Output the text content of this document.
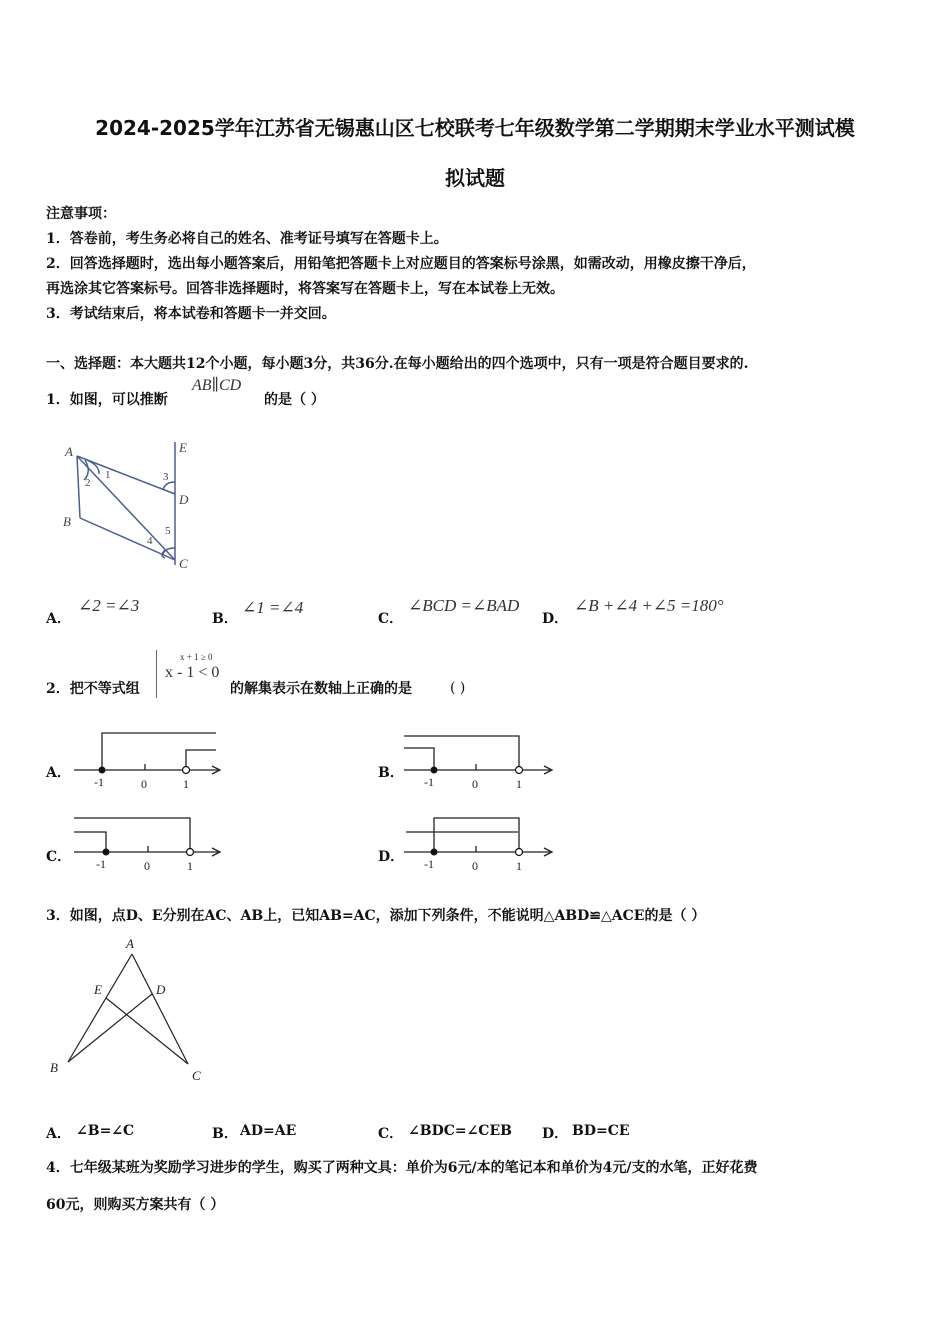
2024-2025学年江苏省无锡惠山区七校联考七年级数学第二学期期末学业水平测试模
拟试题
注意事项：
1．答卷前，考生务必将自己的姓名、准考证号填写在答题卡上。
2．回答选择题时，选出每小题答案后，用铅笔把答题卡上对应题目的答案标号涂黑，如需改动，用橡皮擦干净后，
再选涂其它答案标号。回答非选择题时，将答案写在答题卡上，写在本试卷上无效。
3．考试结束后，将本试卷和答题卡一并交回。
一、选择题：本大题共12个小题，每小题3分，共36分.在每小题给出的四个选项中，只有一项是符合题目要求的.
1．如图，可以推断
AB∥CD
的是（ ）
A
B
C
D
E
1
2	3
4
5
A．
∠2 =∠3
B．
∠1 =∠4
C．
∠BCD =∠BAD
D．
∠B +∠4 +∠5 =180°
2．把不等式组
x + 1 ≥ 0
x - 1 < 0
的解集表示在数轴上正确的是	( )
A．
-1	0	1
B．
-1	0	1
C． -1	0	1
D． -1	0	1
3．如图，点D、E分别在AC、AB上，已知AB=AC，添加下列条件，不能说明△ABD≌△ACE的是（ ）
A
B
C
D
E
A． ∠B=∠C	B． AD=AE	C． ∠BDC=∠CEB D． BD=CE
4．七年级某班为奖励学习进步的学生，购买了两种文具：单价为6元/本的笔记本和单价为4元/支的水笔，正好花费
60元，则购买方案共有（ ）
